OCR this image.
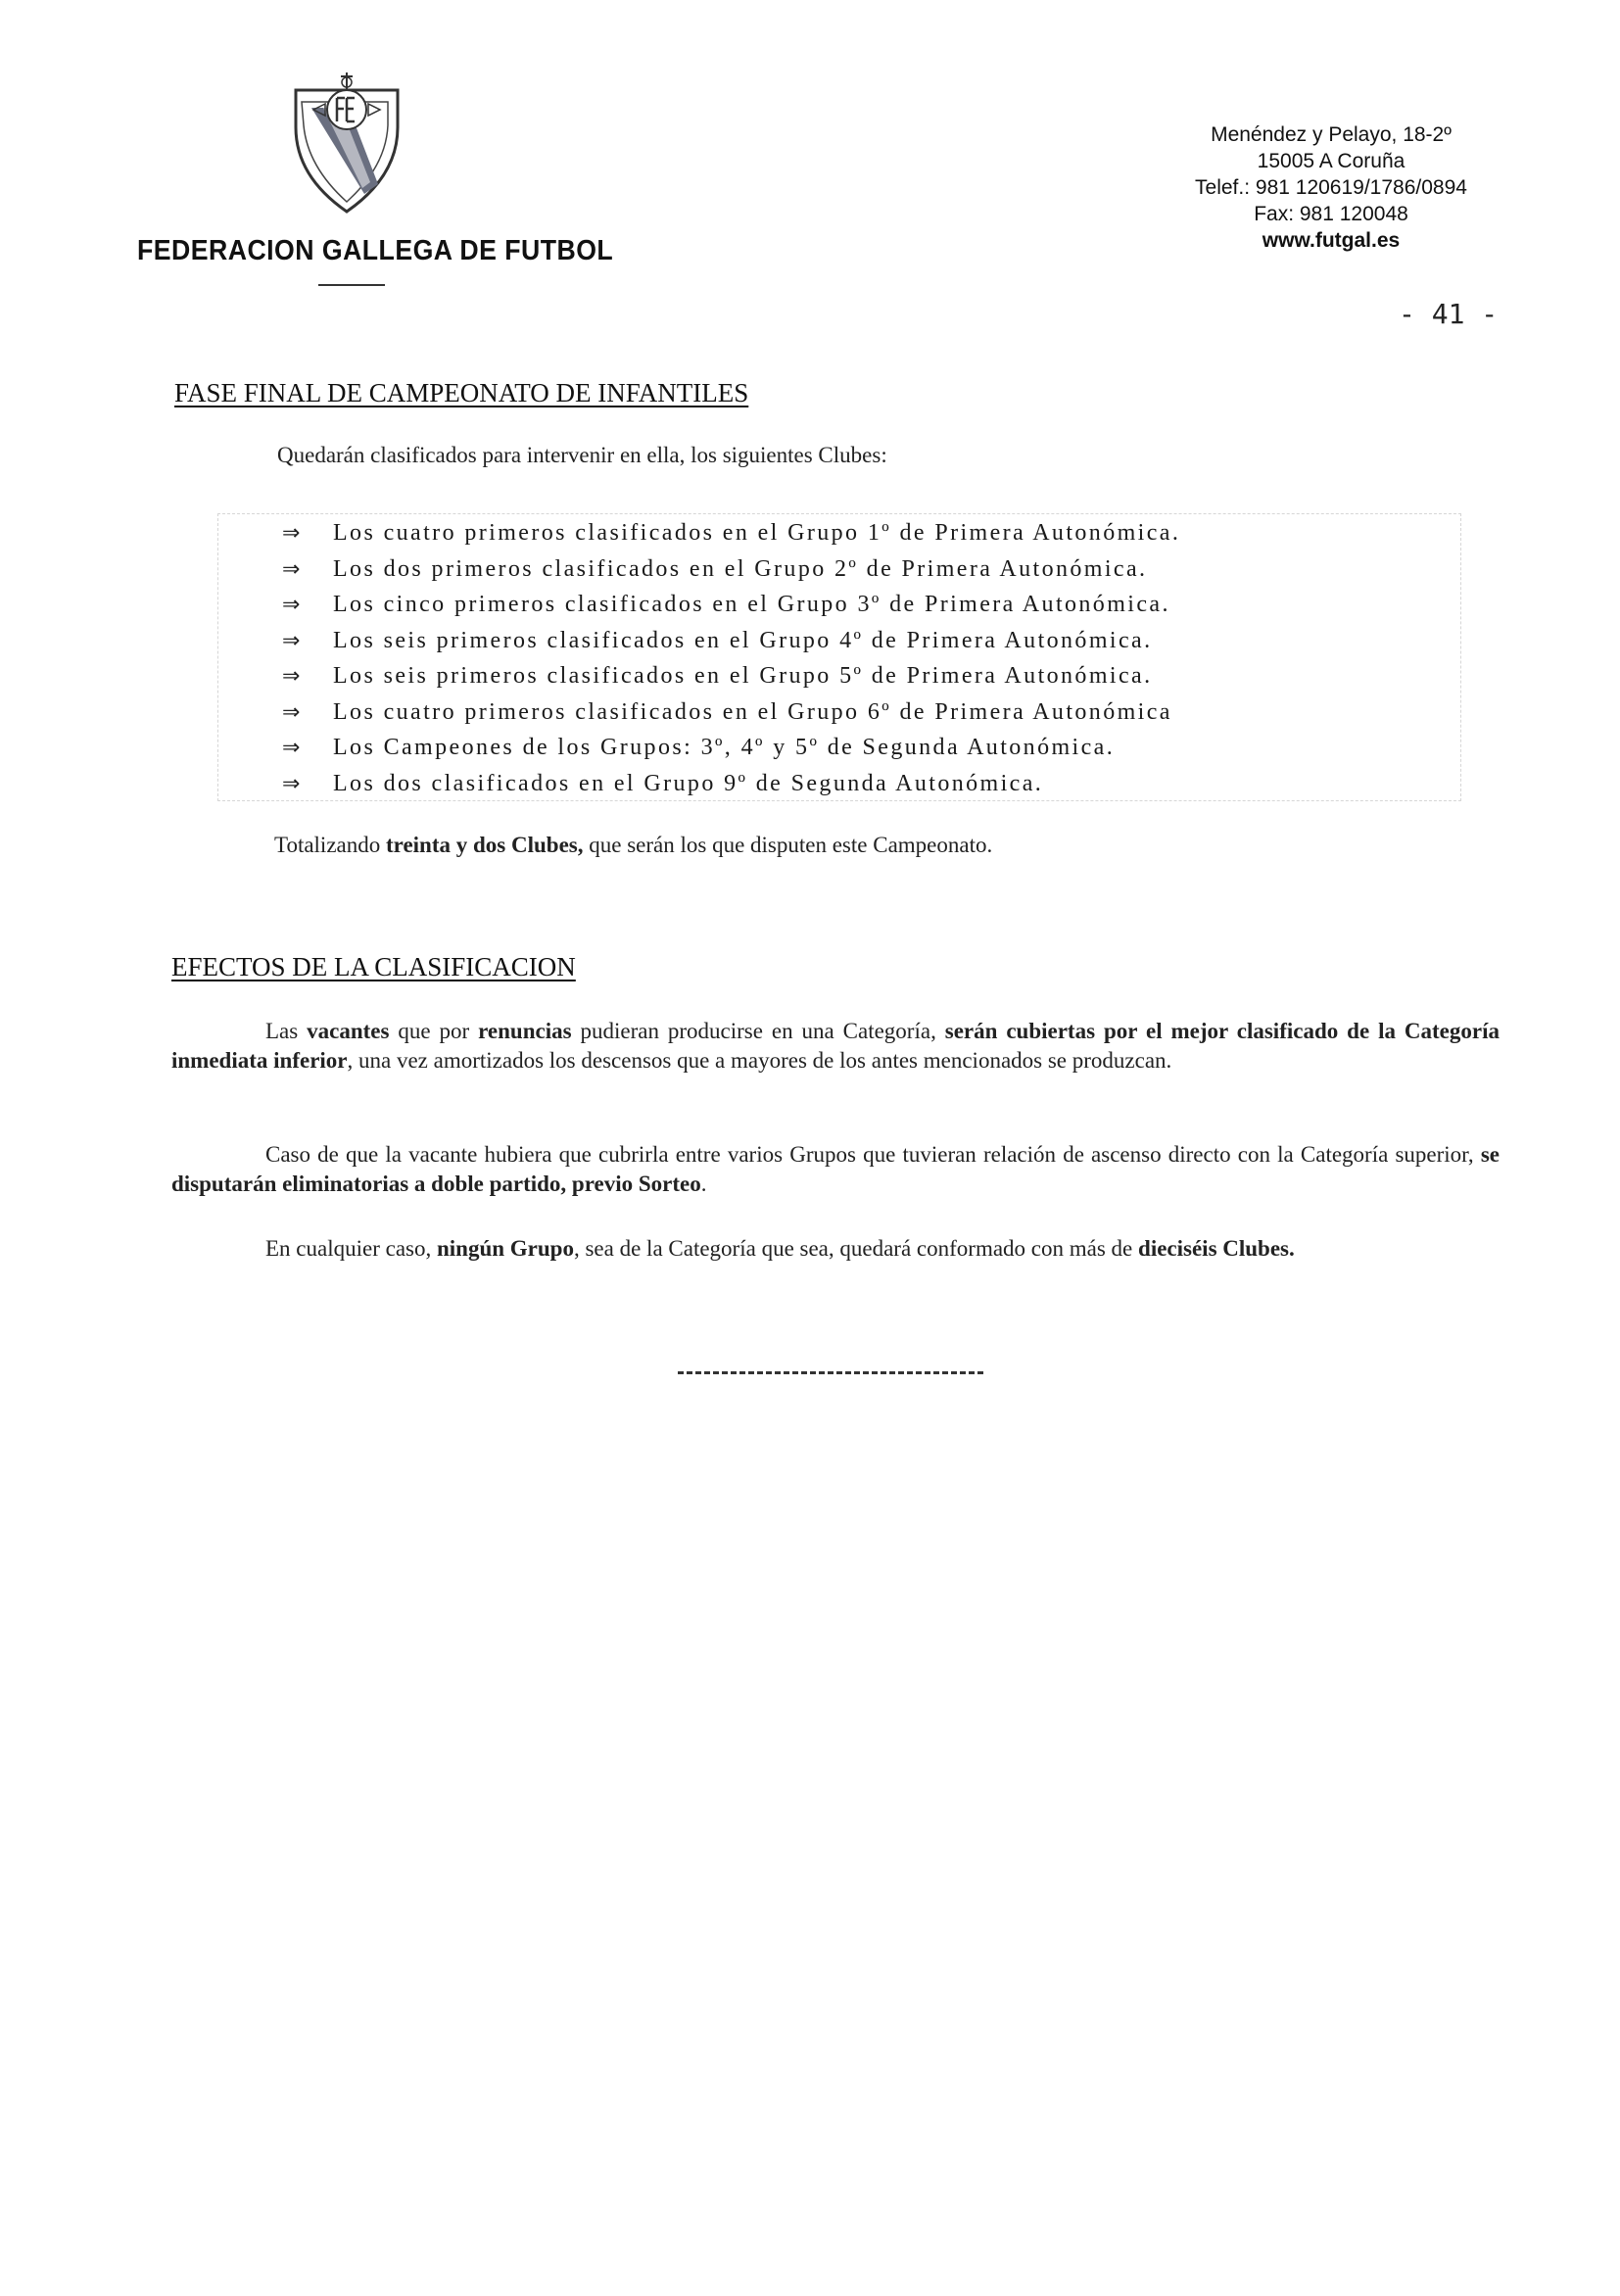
FEDERACION GALLEGA DE FUTBOL
Menéndez y Pelayo, 18-2º
15005 A Coruña
Telef.: 981 120619/1786/0894
Fax: 981 120048
www.futgal.es
- 41 -
FASE FINAL DE CAMPEONATO DE INFANTILES
Quedarán clasificados para intervenir en ella, los siguientes Clubes:
⇒ Los cuatro primeros clasificados en el Grupo 1º de Primera Autonómica.
⇒ Los dos primeros clasificados en el Grupo 2º de Primera Autonómica.
⇒ Los cinco primeros clasificados en el Grupo 3º de Primera Autonómica.
⇒ Los seis primeros clasificados en el Grupo 4º de Primera Autonómica.
⇒ Los seis primeros clasificados en el Grupo 5º de Primera Autonómica.
⇒ Los cuatro primeros clasificados en el Grupo 6º de Primera Autonómica
⇒ Los Campeones de los Grupos: 3º, 4º y 5º de Segunda Autonómica.
⇒ Los dos clasificados en el Grupo 9º de Segunda Autonómica.
Totalizando treinta y dos Clubes, que serán los que disputen este Campeonato.
EFECTOS DE LA CLASIFICACION
Las vacantes que por renuncias pudieran producirse en una Categoría, serán cubiertas por el mejor clasificado de la Categoría inmediata inferior, una vez amortizados los descensos que a mayores de los antes mencionados se produzcan.
Caso de que la vacante hubiera que cubrirla entre varios Grupos que tuvieran relación de ascenso directo con la Categoría superior, se disputarán eliminatorias a doble partido, previo Sorteo.
En cualquier caso, ningún Grupo, sea de la Categoría que sea, quedará conformado con más de dieciséis Clubes.
